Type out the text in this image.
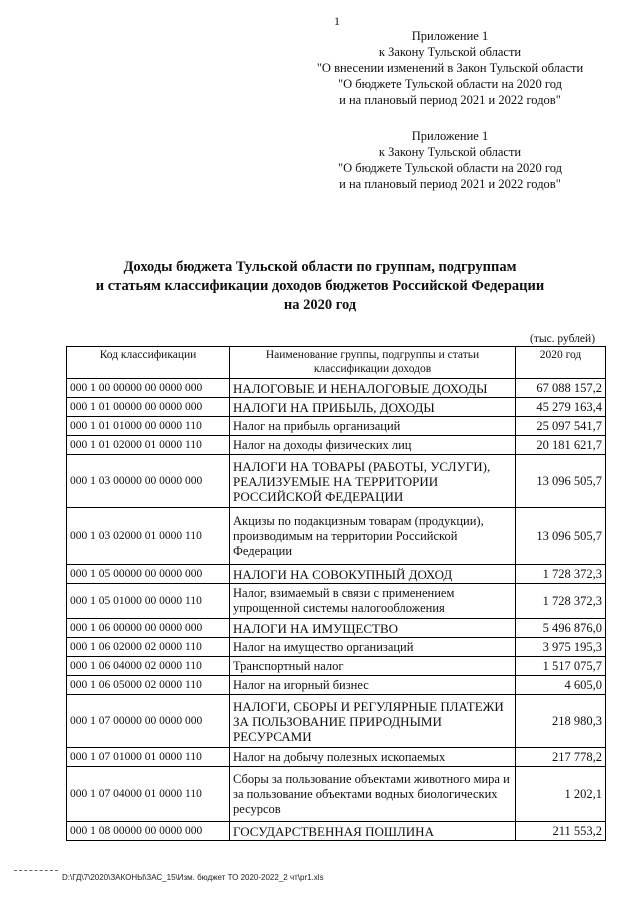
1
Приложение 1
к Закону Тульской области
"О внесении изменений в Закон Тульской области
"О бюджете Тульской области на 2020 год
и на плановый период 2021 и 2022 годов"
Приложение 1
к Закону Тульской области
"О бюджете Тульской области на 2020 год
и на плановый период 2021 и 2022 годов"
Доходы бюджета Тульской области по группам, подгруппам
и статьям классификации доходов бюджетов Российской Федерации
на 2020 год
(тыс. рублей)
Код классификации	Наименование группы, подгруппы и статьи классификации доходов	2020 год
000 1 00 00000 00 0000 000	НАЛОГОВЫЕ И НЕНАЛОГОВЫЕ ДОХОДЫ	67 088 157,2
000 1 01 00000 00 0000 000	НАЛОГИ НА ПРИБЫЛЬ, ДОХОДЫ	45 279 163,4
000 1 01 01000 00 0000 110	Налог на прибыль организаций	25 097 541,7
000 1 01 02000 01 0000 110	Налог на доходы физических лиц	20 181 621,7
000 1 03 00000 00 0000 000	НАЛОГИ НА ТОВАРЫ (РАБОТЫ, УСЛУГИ), РЕАЛИЗУЕМЫЕ НА ТЕРРИТОРИИ РОССИЙСКОЙ ФЕДЕРАЦИИ	13 096 505,7
000 1 03 02000 01 0000 110	Акцизы по подакцизным товарам (продукции), производимым на территории Российской Федерации	13 096 505,7
000 1 05 00000 00 0000 000	НАЛОГИ НА СОВОКУПНЫЙ ДОХОД	1 728 372,3
000 1 05 01000 00 0000 110	Налог, взимаемый в связи с применением упрощенной системы налогообложения	1 728 372,3
000 1 06 00000 00 0000 000	НАЛОГИ НА ИМУЩЕСТВО	5 496 876,0
000 1 06 02000 02 0000 110	Налог на имущество организаций	3 975 195,3
000 1 06 04000 02 0000 110	Транспортный налог	1 517 075,7
000 1 06 05000 02 0000 110	Налог на игорный бизнес	4 605,0
000 1 07 00000 00 0000 000	НАЛОГИ, СБОРЫ И РЕГУЛЯРНЫЕ ПЛАТЕЖИ ЗА ПОЛЬЗОВАНИЕ ПРИРОДНЫМИ РЕСУРСАМИ	218 980,3
000 1 07 01000 01 0000 110	Налог на добычу полезных ископаемых	217 778,2
000 1 07 04000 01 0000 110	Сборы за пользование объектами животного мира и за пользование объектами водных биологических ресурсов	1 202,1
000 1 08 00000 00 0000 000	ГОСУДАРСТВЕННАЯ ПОШЛИНА	211 553,2
D:\ГД\7\2020\ЗАКОНЫ\ЗАС_15\Изм. бюджет ТО 2020-2022_2 чт\pr1.xls
